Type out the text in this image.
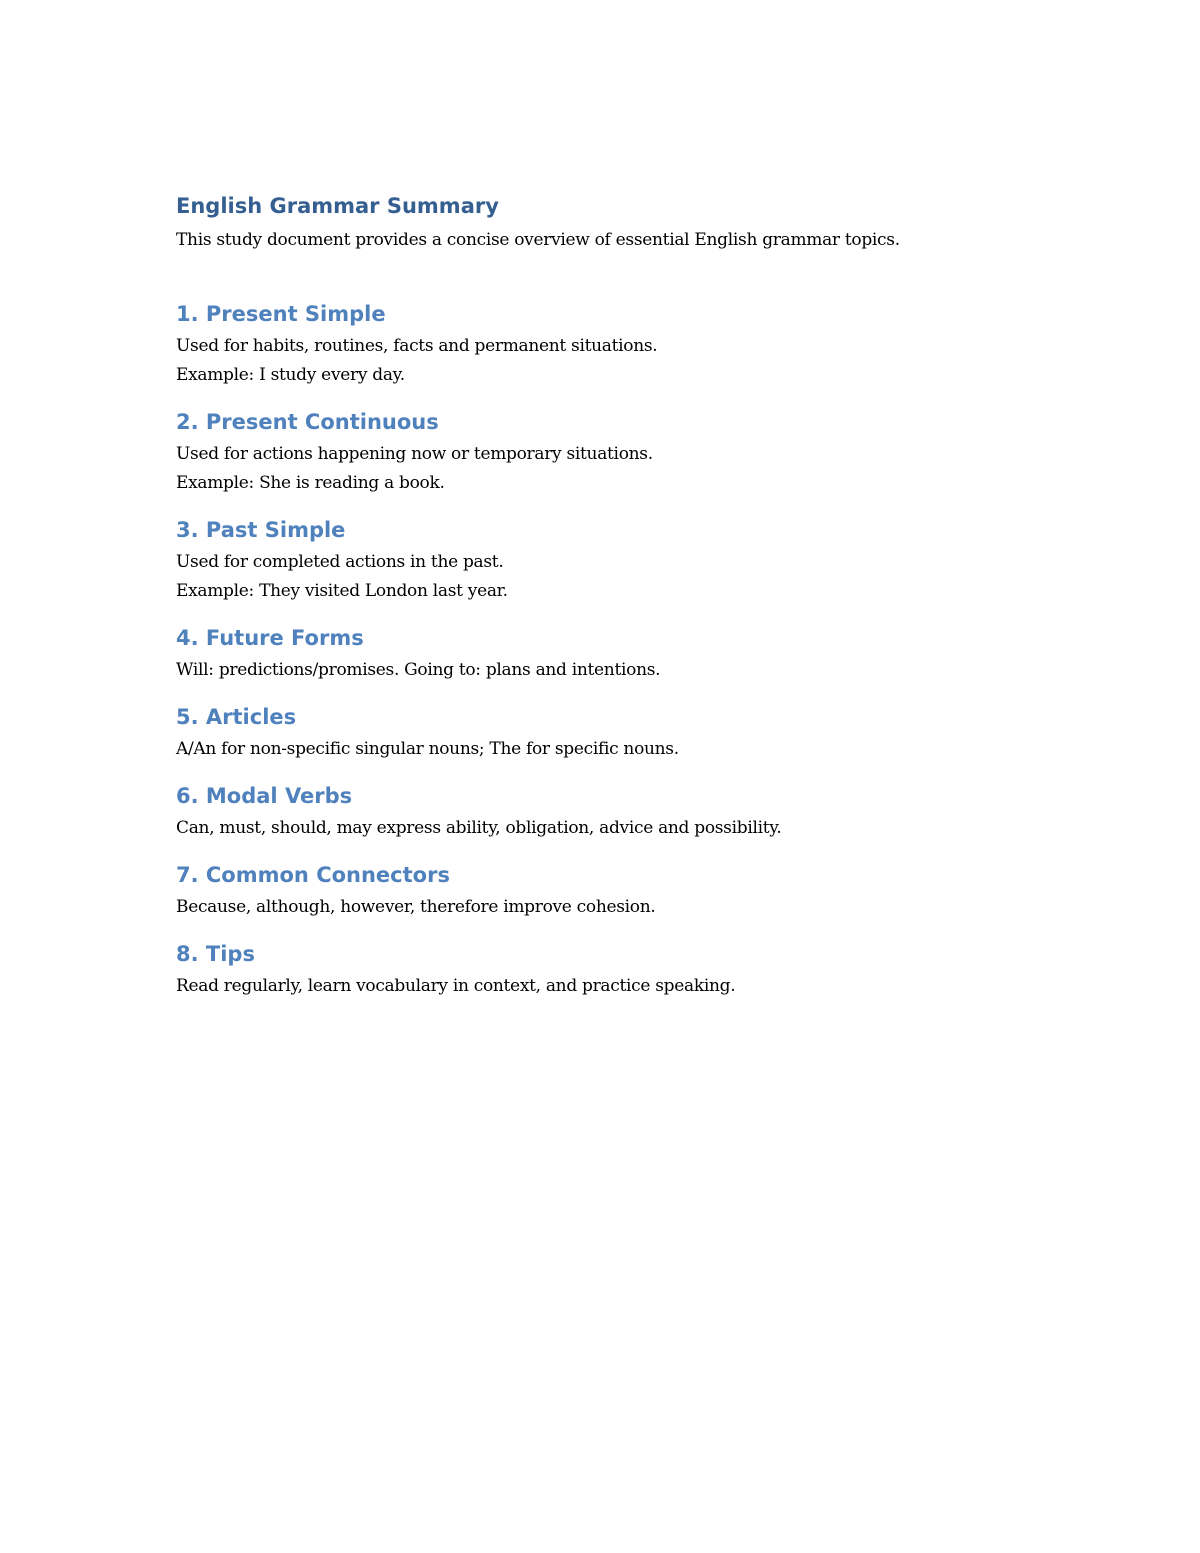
English Grammar Summary

This study document provides a concise overview of essential English grammar topics.

1. Present Simple

Used for habits, routines, facts and permanent situations.

Example: I study every day.

2. Present Continuous

Used for actions happening now or temporary situations.

Example: She is reading a book.

3. Past Simple

Used for completed actions in the past.

Example: They visited London last year.

4. Future Forms

Will: predictions/promises. Going to: plans and intentions.

5. Articles

A/An for non-specific singular nouns; The for specific nouns.

6. Modal Verbs

Can, must, should, may express ability, obligation, advice and possibility.

7. Common Connectors

Because, although, however, therefore improve cohesion.

8. Tips

Read regularly, learn vocabulary in context, and practice speaking.
